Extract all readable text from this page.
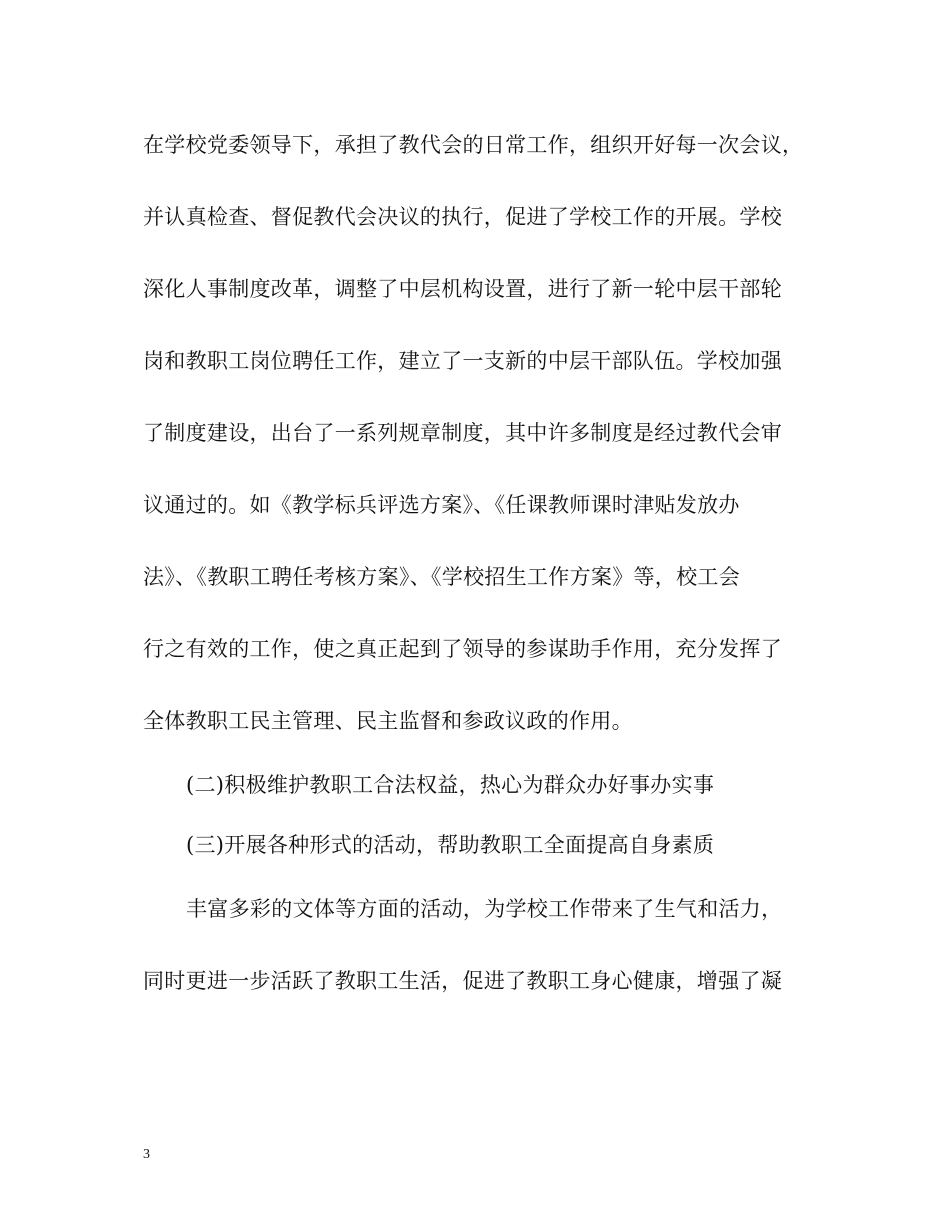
在学校党委领导下，承担了教代会的日常工作，组织开好每一次会议，
并认真检查、督促教代会决议的执行，促进了学校工作的开展。学校
深化人事制度改革，调整了中层机构设置，进行了新一轮中层干部轮
岗和教职工岗位聘任工作，建立了一支新的中层干部队伍。学校加强
了制度建设，出台了一系列规章制度，其中许多制度是经过教代会审
议通过的。如《教学标兵评选方案》、《任课教师课时津贴发放办
法》、《教职工聘任考核方案》、《学校招生工作方案》等，校工会
行之有效的工作，使之真正起到了领导的参谋助手作用，充分发挥了
全体教职工民主管理、民主监督和参政议政的作用。
(二)积极维护教职工合法权益，热心为群众办好事办实事
(三)开展各种形式的活动，帮助教职工全面提高自身素质
丰富多彩的文体等方面的活动，为学校工作带来了生气和活力，
同时更进一步活跃了教职工生活，促进了教职工身心健康，增强了凝
3
